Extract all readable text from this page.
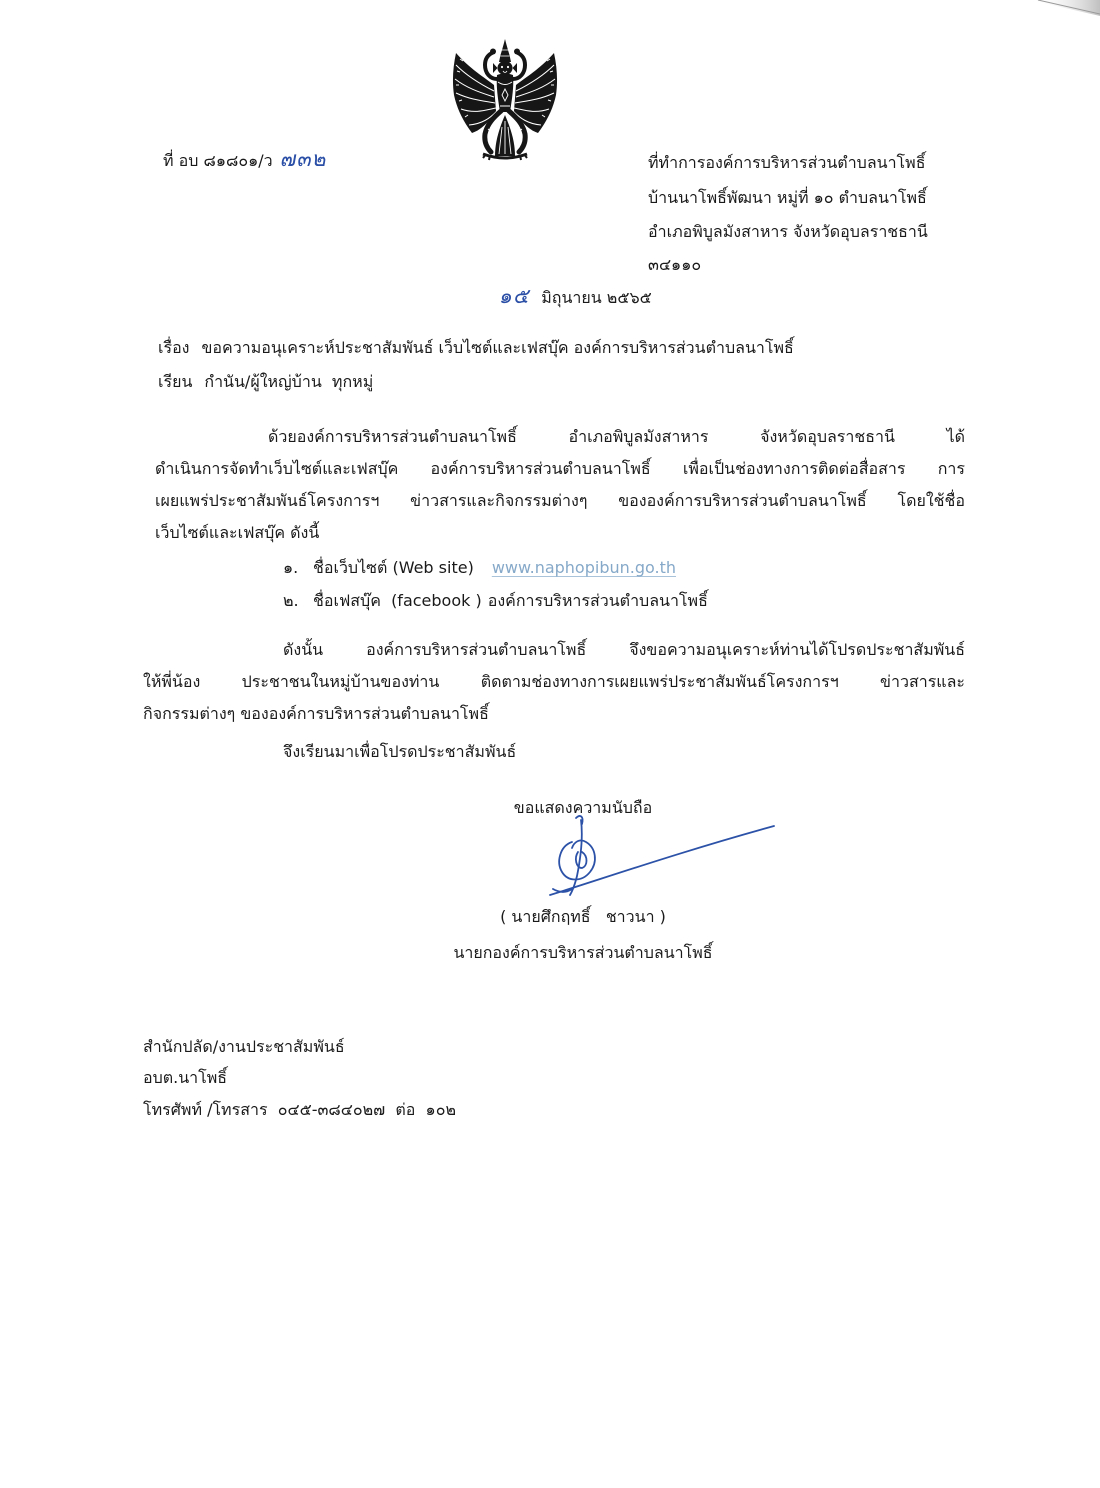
ที่ อบ ๘๑๘๐๑/ว ๗๓๒	ที่ทำการองค์การบริหารส่วนตำบลนาโพธิ์
บ้านนาโพธิ์พัฒนา หมู่ที่ ๑๐ ตำบลนาโพธิ์
อำเภอพิบูลมังสาหาร จังหวัดอุบลราชธานี
๓๔๑๑๐
๑๕ มิถุนายน ๒๕๖๕
เรื่อง ขอความอนุเคราะห์ประชาสัมพันธ์ เว็บไซต์และเฟสบุ๊ค องค์การบริหารส่วนตำบลนาโพธิ์
เรียน กำนัน/ผู้ใหญ่บ้าน  ทุกหมู่
ด้วยองค์การบริหารส่วนตำบลนาโพธิ์ อำเภอพิบูลมังสาหาร จังหวัดอุบลราชธานี ได้
ดำเนินการจัดทำเว็บไซต์และเฟสบุ๊ค องค์การบริหารส่วนตำบลนาโพธิ์ เพื่อเป็นช่องทางการติดต่อสื่อสาร การ
เผยแพร่ประชาสัมพันธ์โครงการฯ ข่าวสารและกิจกรรมต่างๆ ขององค์การบริหารส่วนตำบลนาโพธิ์ โดยใช้ชื่อ
เว็บไซต์และเฟสบุ๊ค ดังนี้
๑. ชื่อเว็บไซต์ (Web site) www.naphopibun.go.th
๒. ชื่อเฟสบุ๊ค  (facebook ) องค์การบริหารส่วนตำบลนาโพธิ์
ดังนั้น องค์การบริหารส่วนตำบลนาโพธิ์ จึงขอความอนุเคราะห์ท่านได้โปรดประชาสัมพันธ์
ให้พี่น้อง ประชาชนในหมู่บ้านของท่าน ติดตามช่องทางการเผยแพร่ประชาสัมพันธ์โครงการฯ ข่าวสารและ
กิจกรรมต่างๆ ขององค์การบริหารส่วนตำบลนาโพธิ์
จึงเรียนมาเพื่อโปรดประชาสัมพันธ์
ขอแสดงความนับถือ
( นายศึกฤทธิ์   ชาวนา )
นายกองค์การบริหารส่วนตำบลนาโพธิ์
สำนักปลัด/งานประชาสัมพันธ์
อบต.นาโพธิ์
โทรศัพท์ /โทรสาร  ๐๔๕-๓๘๔๐๒๗  ต่อ  ๑๐๒
